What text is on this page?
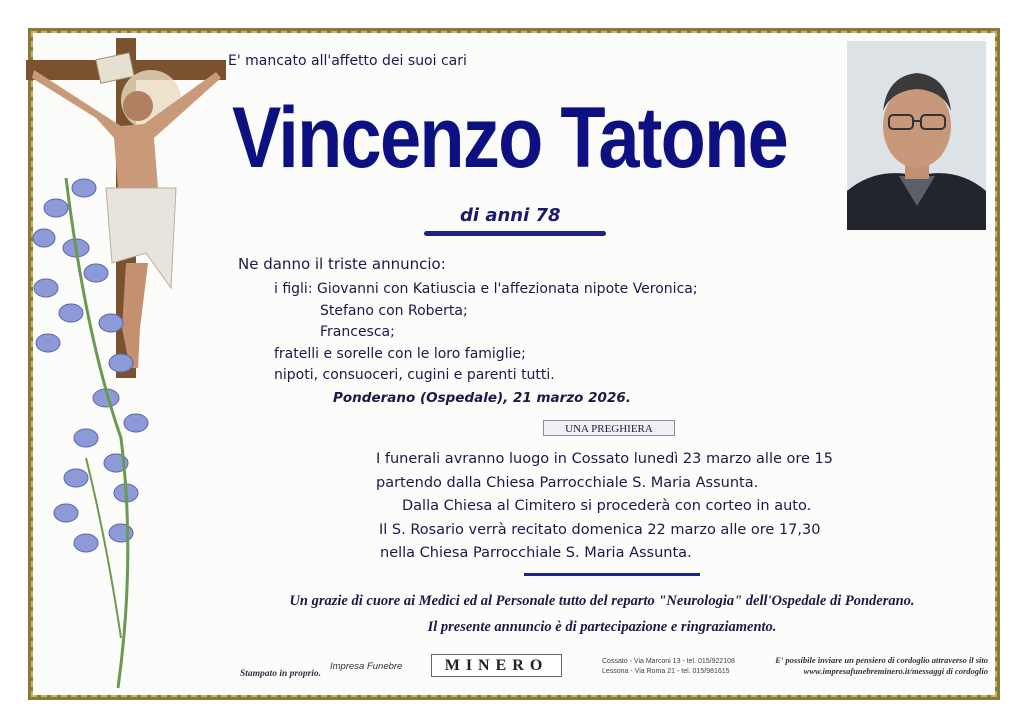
E' mancato all'affetto dei suoi cari
Vincenzo Tatone
di anni 78
Ne danno il triste annuncio:
i figli: Giovanni con Katiuscia e l'affezionata nipote Veronica;
Stefano con Roberta;
Francesca;
fratelli e sorelle con le loro famiglie;
nipoti, consuoceri, cugini e parenti tutti.
Ponderano (Ospedale), 21 marzo 2026.
UNA PREGHIERA
I funerali avranno luogo in Cossato lunedì 23 marzo alle ore 15
partendo dalla Chiesa Parrocchiale S. Maria Assunta.
Dalla Chiesa al Cimitero si procederà con corteo in auto.
Il S. Rosario verrà recitato domenica 22 marzo alle ore 17,30
nella Chiesa Parrocchiale S. Maria Assunta.
Un grazie di cuore ai Medici ed al Personale tutto del reparto "Neurologia" dell'Ospedale di Ponderano.
Il presente annuncio è di partecipazione e ringraziamento.
Stampato in proprio.
Impresa Funebre	MINERO	Cossato - Via Marconi 13 - tel. 015/922108
Lessona - Via Roma 21 - tel. 015/981615
E' possibile inviare un pensiero di cordoglio attraverso il sito
www.impresafunebreminero.it/messaggi di cordoglio
